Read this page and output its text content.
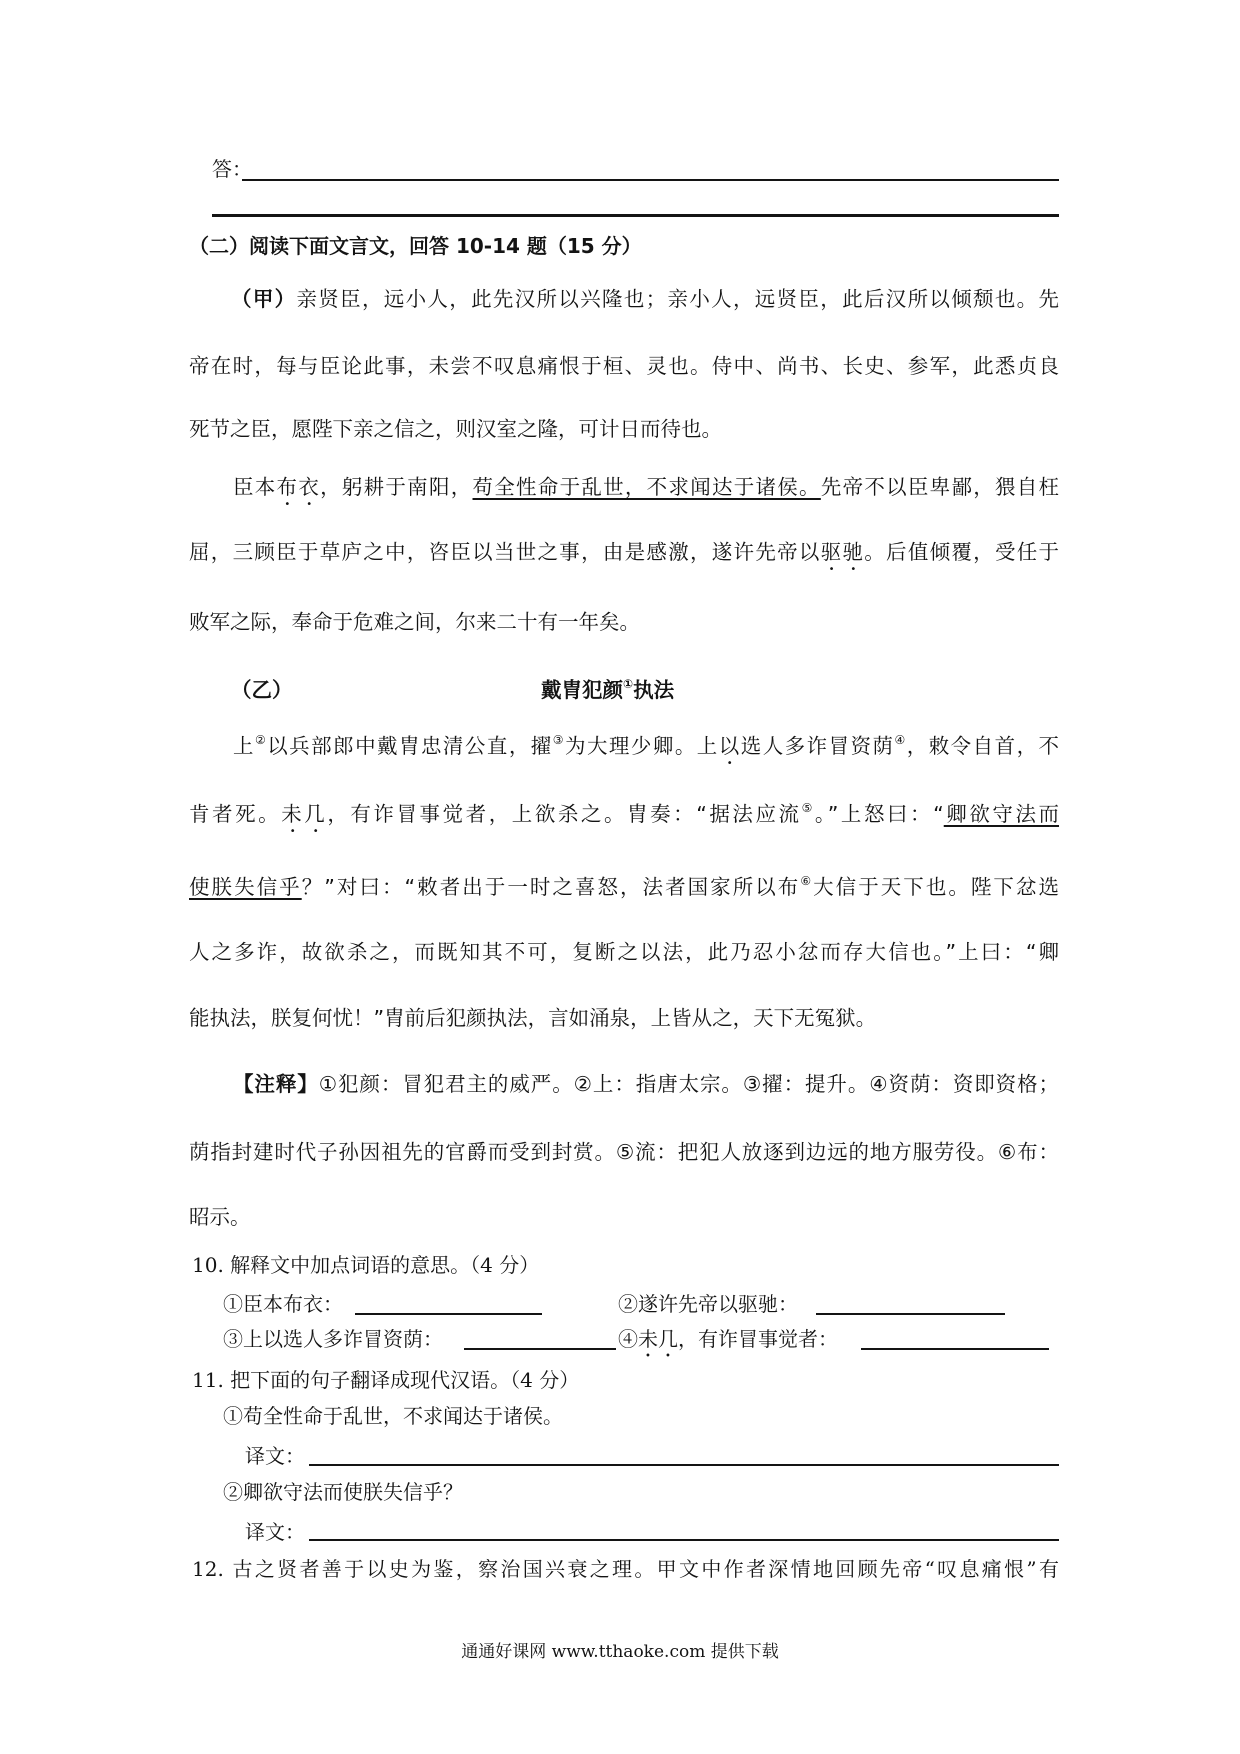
答：
（二）阅读下面文言文，回答 10-14 题（15 分）
（甲）亲贤臣，远小人，此先汉所以兴隆也；亲小人，远贤臣，此后汉所以倾颓也。先
帝在时，每与臣论此事，未尝不叹息痛恨于桓、灵也。侍中、尚书、长史、参军，此悉贞良
死节之臣，愿陛下亲之信之，则汉室之隆，可计日而待也。
臣本布衣，躬耕于南阳，苟全性命于乱世，不求闻达于诸侯。先帝不以臣卑鄙，猥自枉
屈，三顾臣于草庐之中，咨臣以当世之事，由是感激，遂许先帝以驱驰。后值倾覆，受任于
败军之际，奉命于危难之间，尔来二十有一年矣。
（乙）	戴胄犯颜①执法
上②以兵部郎中戴胄忠清公直，擢③为大理少卿。上以选人多诈冒资荫④，敕令自首，不
肯者死。未几，有诈冒事觉者，上欲杀之。胄奏：“据法应流⑤。”上怒曰：“卿欲守法而
使朕失信乎？”对曰：“敕者出于一时之喜怒，法者国家所以布⑥大信于天下也。陛下忿选
人之多诈，故欲杀之，而既知其不可，复断之以法，此乃忍小忿而存大信也。”上曰：“卿
能执法，朕复何忧！”胄前后犯颜执法，言如涌泉，上皆从之，天下无冤狱。
【注释】①犯颜：冒犯君主的威严。②上：指唐太宗。③擢：提升。④资荫：资即资格；
荫指封建时代子孙因祖先的官爵而受到封赏。⑤流：把犯人放逐到边远的地方服劳役。⑥布：
昭示。
10. 解释文中加点词语的意思。（4 分）
①臣本布衣：	②遂许先帝以驱驰：
③上以选人多诈冒资荫：	④未几，有诈冒事觉者：
11. 把下面的句子翻译成现代汉语。（4 分）
①苟全性命于乱世，不求闻达于诸侯。
译文：
②卿欲守法而使朕失信乎？
译文：
12. 古之贤者善于以史为鉴，察治国兴衰之理。甲文中作者深情地回顾先帝“叹息痛恨”有
通通好课网 www.tthaoke.com 提供下载
